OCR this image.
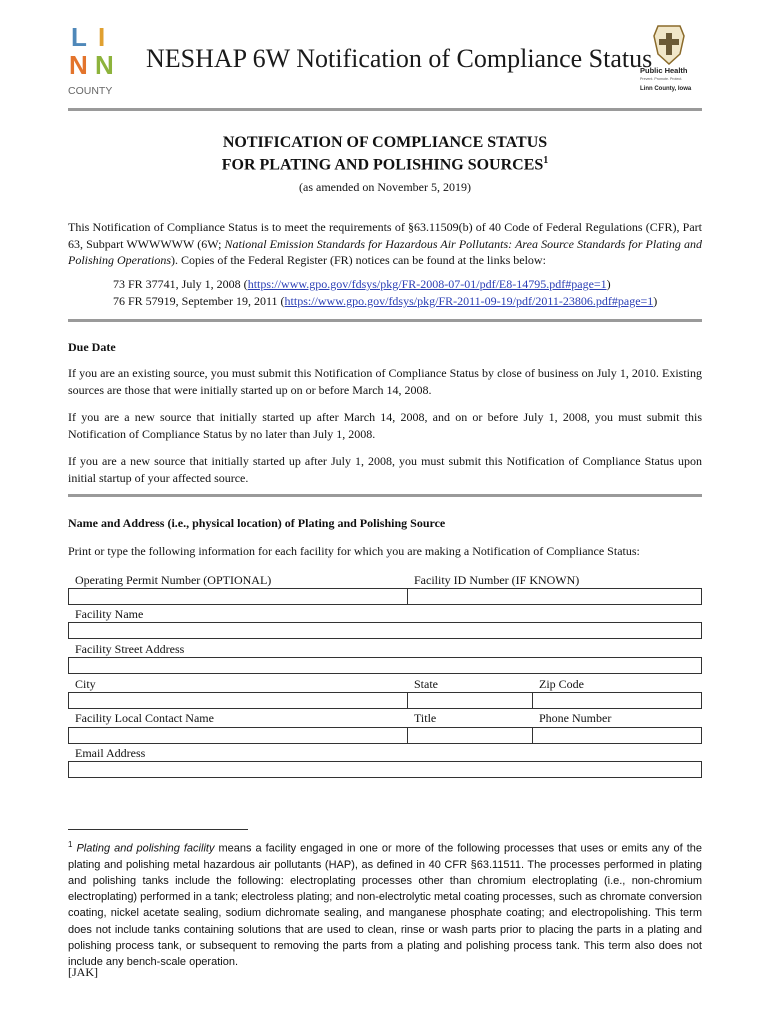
L I
N N
COUNTY
NESHAP 6W Notification of Compliance Status
Public Health
Prevent. Promote. Protect.
Linn County, Iowa
NOTIFICATION OF COMPLIANCE STATUS
FOR PLATING AND POLISHING SOURCES$^1$
(as amended on November 5, 2019)
This Notification of Compliance Status is to meet the requirements of §63.11509(b) of 40 Code of Federal Regulations (CFR), Part 63, Subpart WWWWWW (6W; National Emission Standards for Hazardous Air Pollutants: Area Source Standards for Plating and Polishing Operations). Copies of the Federal Register (FR) notices can be found at the links below:
73 FR 37741, July 1, 2008 (https://www.gpo.gov/fdsys/pkg/FR-2008-07-01/pdf/E8-14795.pdf#page=1)
76 FR 57919, September 19, 2011 (https://www.gpo.gov/fdsys/pkg/FR-2011-09-19/pdf/2011-23806.pdf#page=1)
Due Date
If you are an existing source, you must submit this Notification of Compliance Status by close of business on July 1, 2010. Existing sources are those that were initially started up on or before March 14, 2008.
If you are a new source that initially started up after March 14, 2008, and on or before July 1, 2008, you must submit this Notification of Compliance Status by no later than July 1, 2008.
If you are a new source that initially started up after July 1, 2008, you must submit this Notification of Compliance Status upon initial startup of your affected source.
Name and Address (i.e., physical location) of Plating and Polishing Source
Print or type the following information for each facility for which you are making a Notification of Compliance Status:
Operating Permit Number (OPTIONAL)	Facility ID Number (IF KNOWN)
Facility Name
Facility Street Address
City	State	Zip Code
Facility Local Contact Name	Title	Phone Number
Email Address
$^1$ Plating and polishing facility means a facility engaged in one or more of the following processes that uses or emits any of the plating and polishing metal hazardous air pollutants (HAP), as defined in 40 CFR §63.11511. The processes performed in plating and polishing tanks include the following: electroplating processes other than chromium electroplating (i.e., non-chromium electroplating) performed in a tank; electroless plating; and non-electrolytic metal coating processes, such as chromate conversion coating, nickel acetate sealing, sodium dichromate sealing, and manganese phosphate coating; and electropolishing. This term does not include tanks containing solutions that are used to clean, rinse or wash parts prior to placing the parts in a plating and polishing process tank, or subsequent to removing the parts from a plating and polishing process tank. This term also does not include any bench-scale operation.
[JAK]
